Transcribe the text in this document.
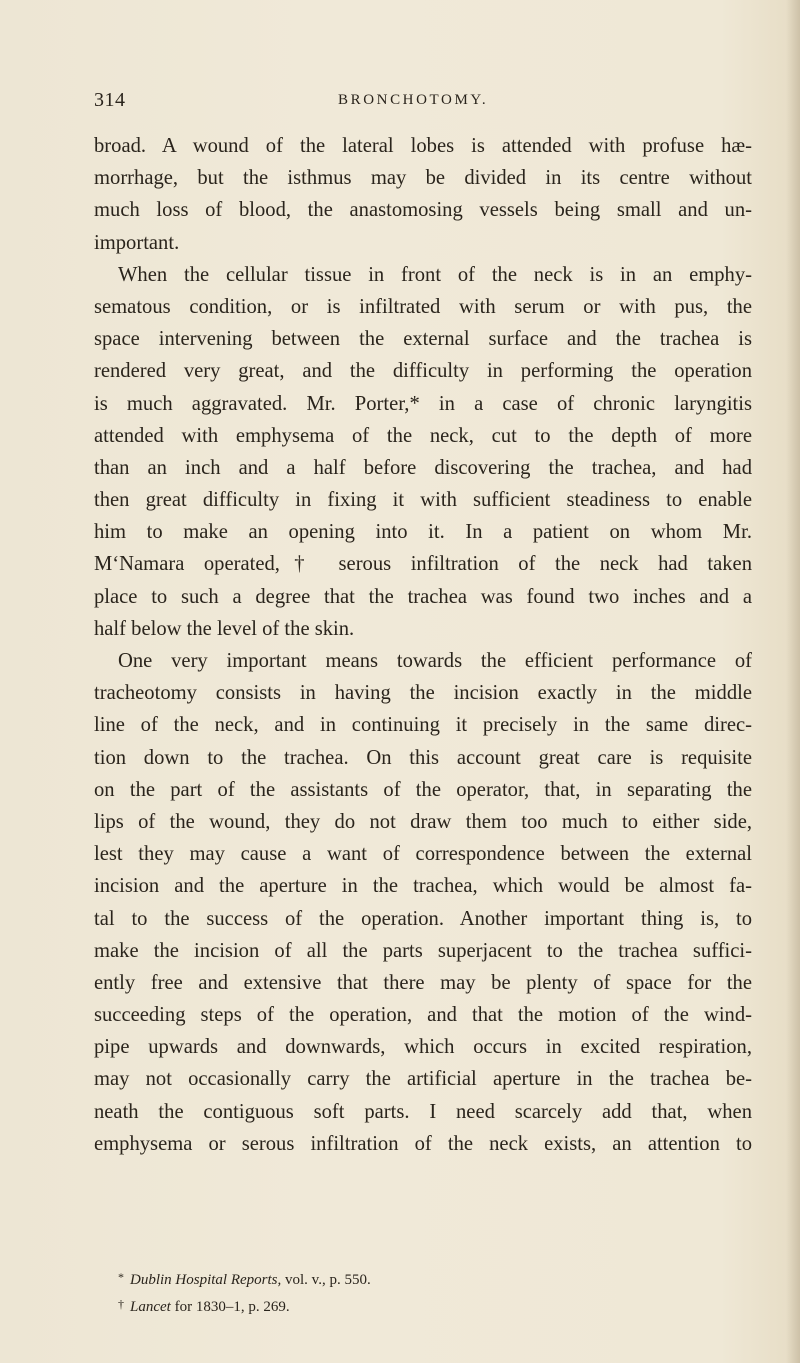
314	BRONCHOTOMY.
broad. A wound of the lateral lobes is attended with profuse hæ-
morrhage, but the isthmus may be divided in its centre without
much loss of blood, the anastomosing vessels being small and un-
important.
When the cellular tissue in front of the neck is in an emphy-
sematous condition, or is infiltrated with serum or with pus, the
space intervening between the external surface and the trachea is
rendered very great, and the difficulty in performing the operation
is much aggravated. Mr. Porter,* in a case of chronic laryngitis
attended with emphysema of the neck, cut to the depth of more
than an inch and a half before discovering the trachea, and had
then great difficulty in fixing it with sufficient steadiness to enable
him to make an opening into it. In a patient on whom Mr.
M‘Namara operated,† serous infiltration of the neck had taken
place to such a degree that the trachea was found two inches and a
half below the level of the skin.
One very important means towards the efficient performance of
tracheotomy consists in having the incision exactly in the middle
line of the neck, and in continuing it precisely in the same direc-
tion down to the trachea. On this account great care is requisite
on the part of the assistants of the operator, that, in separating the
lips of the wound, they do not draw them too much to either side,
lest they may cause a want of correspondence between the external
incision and the aperture in the trachea, which would be almost fa-
tal to the success of the operation. Another important thing is, to
make the incision of all the parts superjacent to the trachea suffici-
ently free and extensive that there may be plenty of space for the
succeeding steps of the operation, and that the motion of the wind-
pipe upwards and downwards, which occurs in excited respiration,
may not occasionally carry the artificial aperture in the trachea be-
neath the contiguous soft parts. I need scarcely add that, when
emphysema or serous infiltration of the neck exists, an attention to
* Dublin Hospital Reports, vol. v., p. 550.
† Lancet for 1830–1, p. 269.
